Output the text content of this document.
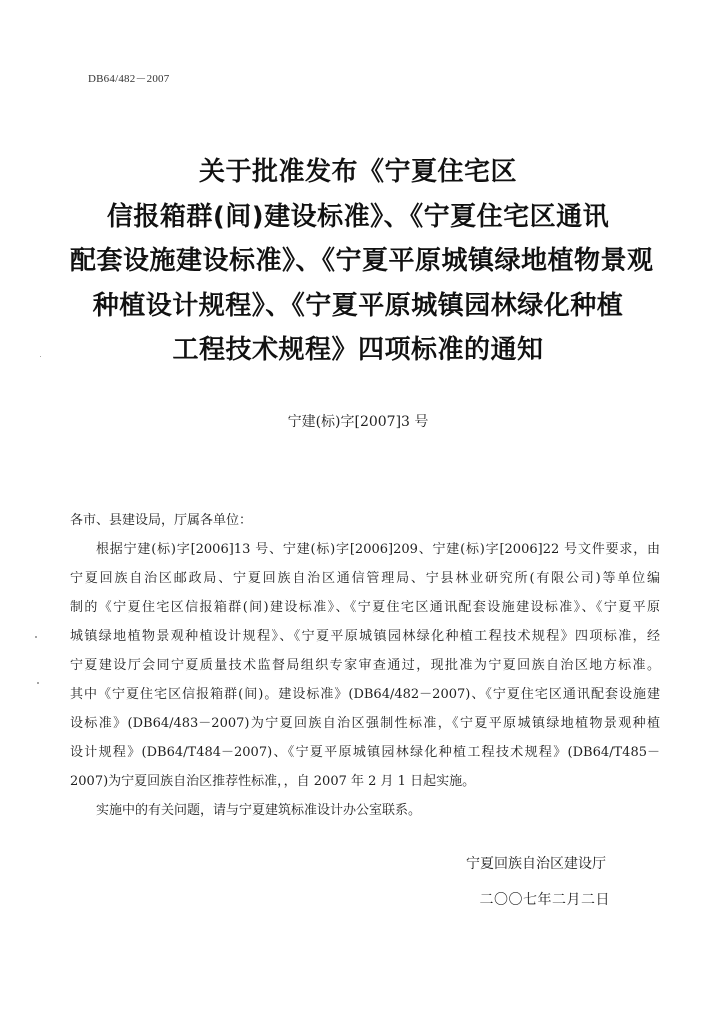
DB64/482－2007
关于批准发布《宁夏住宅区
信报箱群(间)建设标准》、《宁夏住宅区通讯
配套设施建设标准》、《宁夏平原城镇绿地植物景观
种植设计规程》、《宁夏平原城镇园林绿化种植
工程技术规程》四项标准的通知
宁建(标)字[2007]3 号
各市、县建设局，厅属各单位：
根据宁建(标)字[2006]13 号、宁建(标)字[2006]209、宁建(标)字[2006]22 号文件要求，由
宁夏回族自治区邮政局、宁夏回族自治区通信管理局、宁县林业研究所(有限公司)等单位编
制的《宁夏住宅区信报箱群(间)建设标准》、《宁夏住宅区通讯配套设施建设标准》、《宁夏平原
城镇绿地植物景观种植设计规程》、《宁夏平原城镇园林绿化种植工程技术规程》四项标准，经
宁夏建设厅会同宁夏质量技术监督局组织专家审查通过，现批准为宁夏回族自治区地方标准。
其中《宁夏住宅区信报箱群(间)。建设标准》(DB64/482－2007)、《宁夏住宅区通讯配套设施建
设标准》(DB64/483－2007)为宁夏回族自治区强制性标准，《宁夏平原城镇绿地植物景观种植
设计规程》(DB64/T484－2007)、《宁夏平原城镇园林绿化种植工程技术规程》(DB64/T485－
2007)为宁夏回族自治区推荐性标准，，自 2007 年 2 月 1 日起实施。
实施中的有关问题，请与宁夏建筑标准设计办公室联系。
宁夏回族自治区建设厅
二〇〇七年二月二日
